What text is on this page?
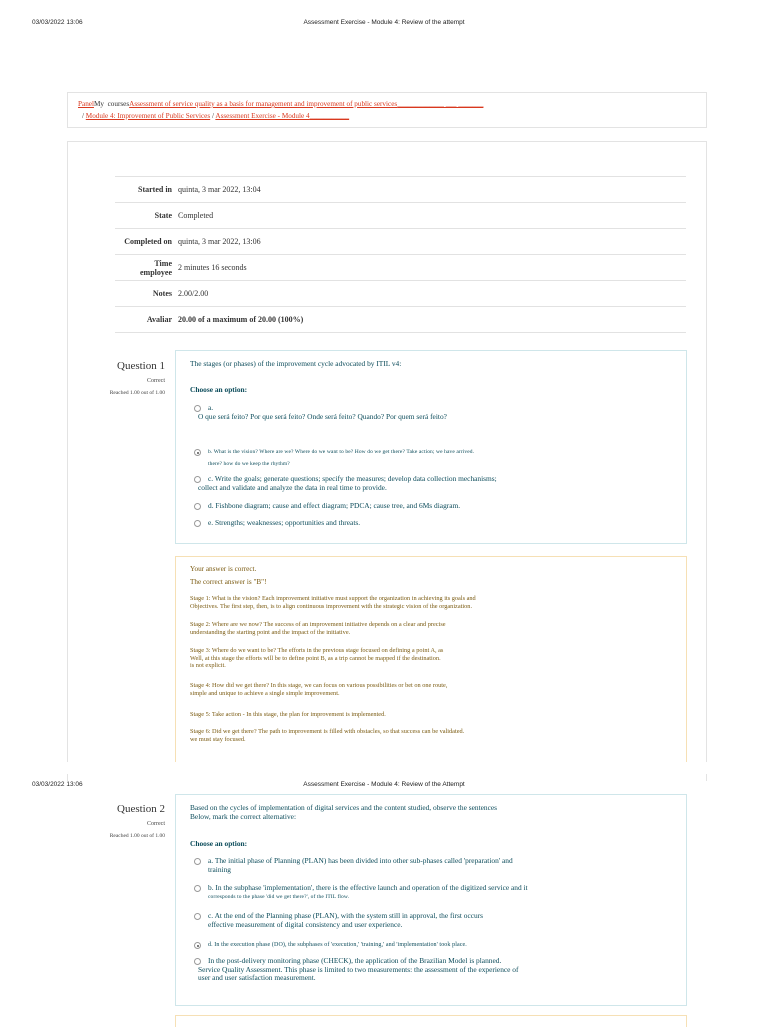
03/03/2022 13:06	Assessment Exercise - Module 4: Review of the attempt
PanelMy coursesAssessment of service quality as a basis for management and improvement of public services_____________ ___ _______
/ Module 4: Improvement of Public Services / Assessment Exercise - Module 4___________
Started in	quinta, 3 mar 2022, 13:04
State	Completed
Completed on	quinta, 3 mar 2022, 13:06
Time
employee	2 minutes 16 seconds
Notes	2.00/2.00
Avaliar	20.00 of a maximum of 20.00 (100%)
Question 1
Correct
Reached 1.00 out of 1.00
The stages (or phases) of the improvement cycle advocated by ITIL v4:
Choose an option:
a.
O que será feito? Por que será feito? Onde será feito? Quando? Por quem será feito?
b. What is the vision? Where are we? Where do we want to be? How do we get there? Take action; we have arrived.
there? how do we keep the rhythm?
c. Write the goals; generate questions; specify the measures; develop data collection mechanisms;
collect and validate and analyze the data in real time to provide.
d. Fishbone diagram; cause and effect diagram; PDCA; cause tree, and 6Ms diagram.
e. Strengths; weaknesses; opportunities and threats.
Your answer is correct.
The correct answer is "B"!
Stage 1: What is the vision? Each improvement initiative must support the organization in achieving its goals and
Objectives. The first step, then, is to align continuous improvement with the strategic vision of the organization.
Stage 2: Where are we now? The success of an improvement initiative depends on a clear and precise
understanding the starting point and the impact of the initiative.
Stage 3: Where do we want to be? The efforts in the previous stage focused on defining a point A, as
Well, at this stage the efforts will be to define point B, as a trip cannot be mapped if the destination.
is not explicit.
Stage 4: How did we get there? In this stage, we can focus on various possibilities or bet on one route,
simple and unique to achieve a single simple improvement.
Stage 5: Take action - In this stage, the plan for improvement is implemented.
Stage 6: Did we get there? The path to improvement is filled with obstacles, so that success can be validated.
we must stay focused.
03/03/2022 13:06	Assessment Exercise - Module 4: Review of the Attempt
Question 2
Correct
Reached 1.00 out of 1.00
Based on the cycles of implementation of digital services and the content studied, observe the sentences
Below, mark the correct alternative:
Choose an option:
a. The initial phase of Planning (PLAN) has been divided into other sub-phases called 'preparation' and
training
b. In the subphase 'implementation', there is the effective launch and operation of the digitized service and it
corresponds to the phase 'did we get there?', of the ITIL flow.
c. At the end of the Planning phase (PLAN), with the system still in approval, the first occurs
effective measurement of digital consistency and user experience.
d. In the execution phase (DO), the subphases of 'execution,' 'training,' and 'implementation' took place.
In the post-delivery monitoring phase (CHECK), the application of the Brazilian Model is planned.
Service Quality Assessment. This phase is limited to two measurements: the assessment of the experience of
user and user satisfaction measurement.
